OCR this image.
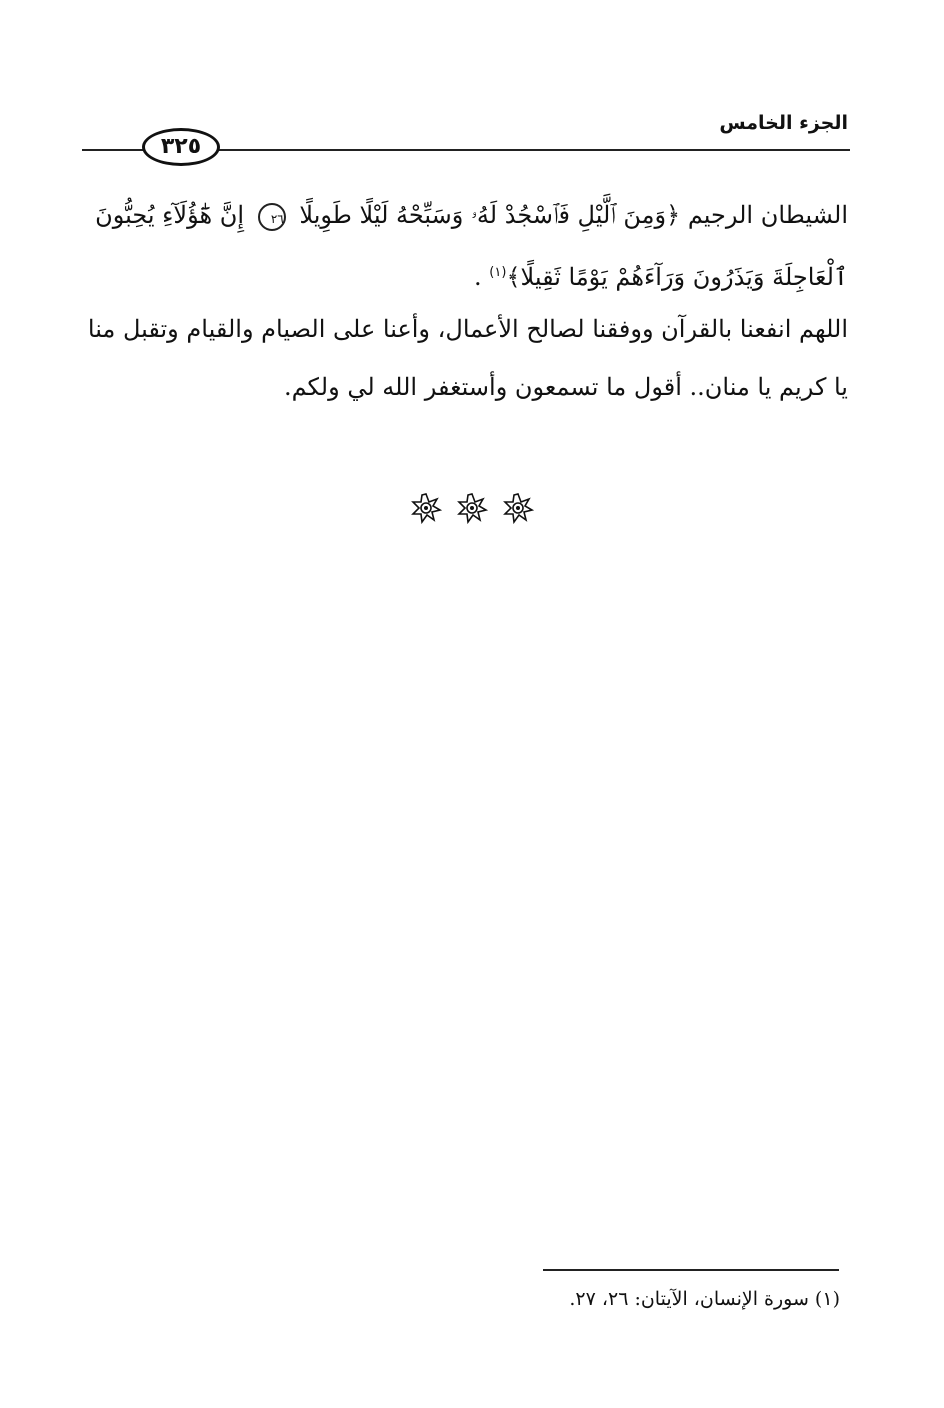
الجزء الخامس
٣٢٥
الشيطان الرجيم ﴿وَمِنَ ٱلَّيْلِ فَٱسْجُدْ لَهُۥ وَسَبِّحْهُ لَيْلًا طَوِيلًا ٢٦ إِنَّ هَٰٓؤُلَآءِ يُحِبُّونَ
ٱلْعَاجِلَةَ وَيَذَرُونَ وَرَآءَهُمْ يَوْمًا ثَقِيلًا﴾$^{(١)}$ .
اللهم انفعنا بالقرآن ووفقنا لصالح الأعمال، وأعنا على الصيام والقيام وتقبل منا
يا كريم يا منان.. أقول ما تسمعون وأستغفر الله لي ولكم.
(١) سورة الإنسان، الآيتان: ٢٦، ٢٧.
